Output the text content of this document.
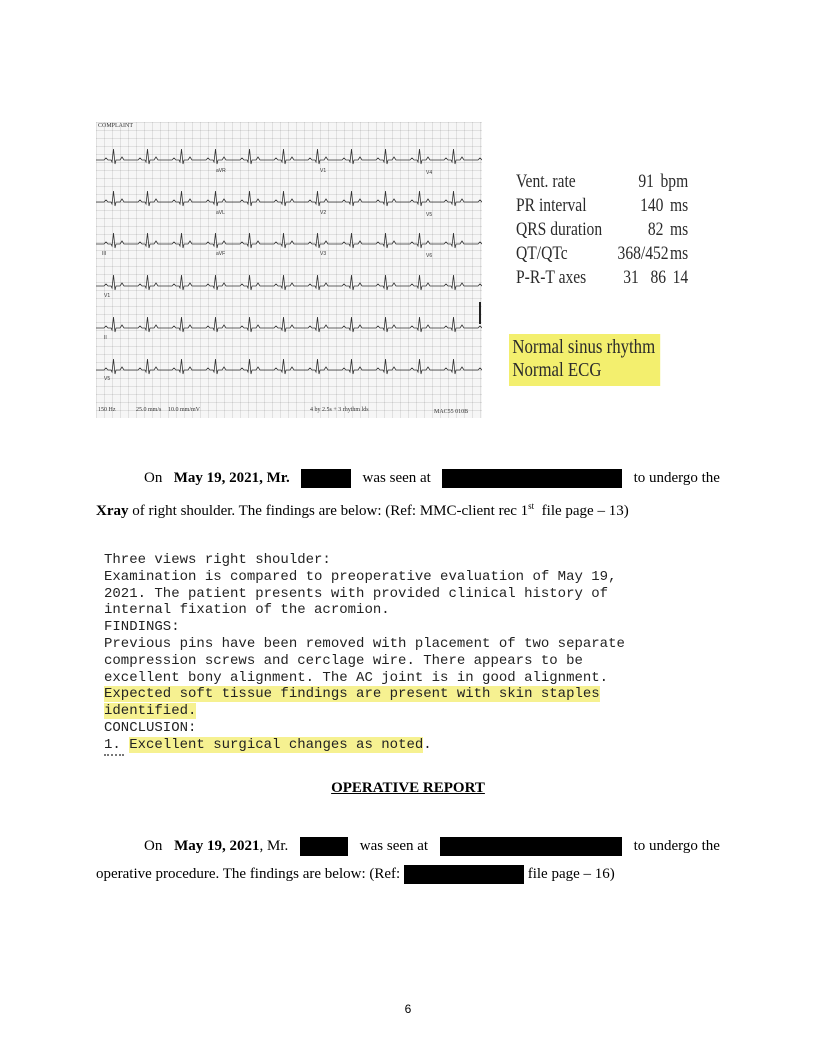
COMPLAINT
aVR	V1	V4
aVL	V2	V5
III	aVF	V3	V6
V1
II
V5
150 Hz	25.0 mm/s 10.0 mm/mV	4 by 2.5s + 3 rhythm lds	MAC55 010B
Vent. rate	91 bpm
PR interval	140 ms
QRS duration	82 ms
QT/QTc	368/452 ms
P-R-T axes	31   86 14
Normal sinus rhythm
Normal ECG
On May 19, 2021, Mr.	was seen at	to undergo the
Xray of right shoulder. The findings are below: (Ref: MMC-client rec 1st  file page – 13)
Three views right shoulder:
Examination is compared to preoperative evaluation of May 19,
2021. The patient presents with provided clinical history of
internal fixation of the acromion.
FINDINGS:
Previous pins have been removed with placement of two separate
compression screws and cerclage wire. There appears to be
excellent bony alignment. The AC joint is in good alignment.
Expected soft tissue findings are present with skin staples
identified.
CONCLUSION:
1. Excellent surgical changes as noted.
OPERATIVE REPORT
On May 19, 2021, Mr.	was seen at	to undergo the
operative procedure. The findings are below: (Ref:	file page – 16)
6
